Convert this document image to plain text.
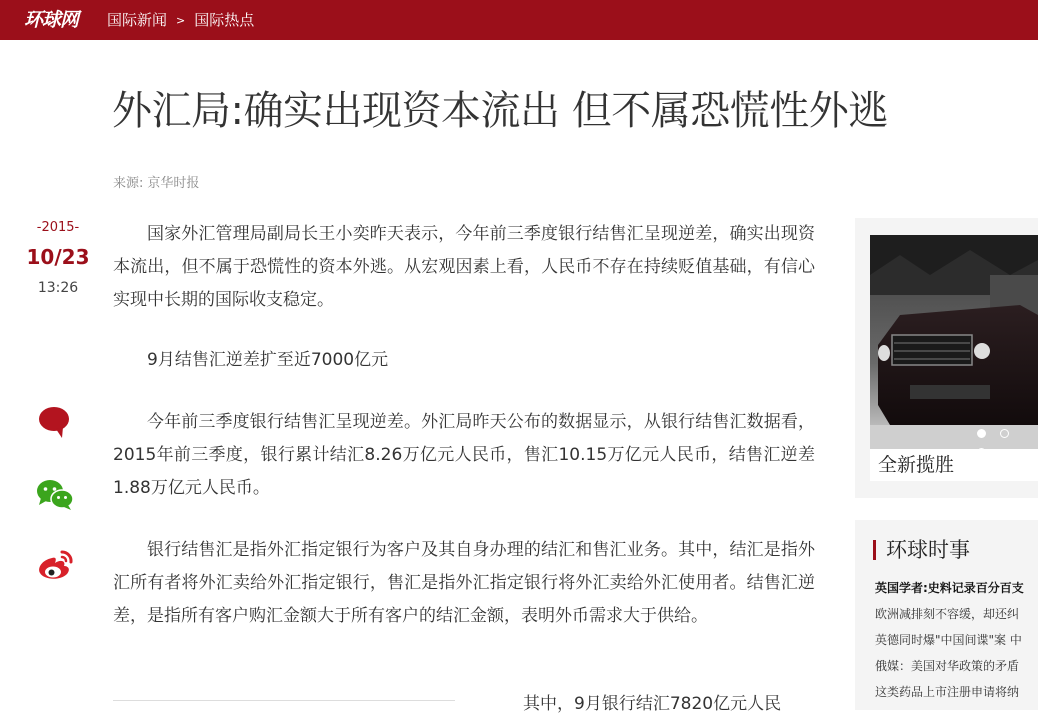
环球网 国际新闻 > 国际热点
外汇局:确实出现资本流出 但不属恐慌性外逃
来源: 京华时报
-2015-
10/23
13:26

国家外汇管理局副局长王小奕昨天表示，今年前三季度银行结售汇呈现逆差，确实出现资本流出，但不属于恐慌性的资本外逃。从宏观因素上看，人民币不存在持续贬值基础，有信心实现中长期的国际收支稳定。

9月结售汇逆差扩至近7000亿元

今年前三季度银行结售汇呈现逆差。外汇局昨天公布的数据显示，从银行结售汇数据看，2015年前三季度，银行累计结汇8.26万亿元人民币，售汇10.15万亿元人民币，结售汇逆差1.88万亿元人民币。

银行结售汇是指外汇指定银行为客户及其自身办理的结汇和售汇业务。其中，结汇是指外汇所有者将外汇卖给外汇指定银行，售汇是指外汇指定银行将外汇卖给外汇使用者。结售汇逆差，是指所有客户购汇金额大于所有客户的结汇金额，表明外币需求大于供给。

其中，9月银行结汇7820亿元人民

全新揽胜
环球时事
英国学者:史料记录百分百支
欧洲减排刻不容缓，却还纠
英德同时爆"中国间谍"案 中
俄媒：美国对华政策的矛盾
这类药品上市注册申请将纳
